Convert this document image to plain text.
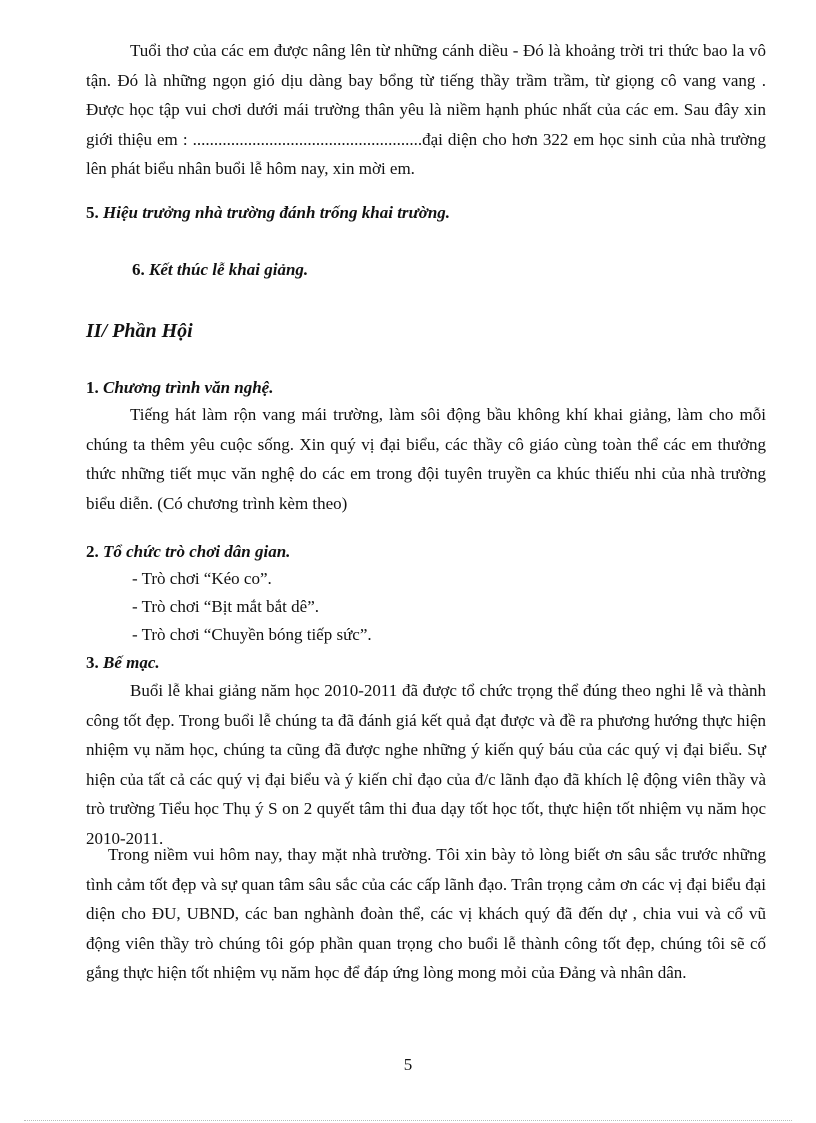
Tuổi thơ của các em được nâng lên từ những cánh diều - Đó là khoảng trời tri thức bao la vô tận. Đó là những ngọn gió dịu dàng bay bổng từ tiếng thầy trầm trầm, từ giọng cô vang vang . Được học tập vui chơi dưới mái trường thân yêu là niềm hạnh phúc nhất của các em. Sau đây xin giới thiệu em : ......................................................đại diện cho hơn 322 em học sinh của nhà trường lên phát biểu nhân buổi lễ hôm nay, xin mời em.

5. Hiệu trưởng nhà trường đánh trống khai trường.

6. Kết thúc lễ khai giảng.

II/ Phần Hội

1. Chương trình văn nghệ.

Tiếng hát làm rộn vang mái trường, làm sôi động bầu không khí khai giảng, làm cho mỗi chúng ta thêm yêu cuộc sống. Xin quý vị đại biểu, các thầy cô giáo cùng toàn thể các em thưởng thức những tiết mục văn nghệ do các em trong đội tuyên truyền ca khúc thiếu nhi của nhà trường biểu diễn. (Có chương trình kèm theo)

2. Tổ chức trò chơi dân gian.

- Trò chơi “Kéo co”.

- Trò chơi “Bịt mắt bắt dê”.

- Trò chơi “Chuyền bóng tiếp sức”.

3. Bế mạc.

Buổi lễ khai giảng năm học 2010-2011 đã được tổ chức trọng thể đúng theo nghi lễ và thành công tốt đẹp. Trong buổi lễ chúng ta đã đánh giá kết quả đạt được và đề ra phương hướng thực hiện nhiệm vụ năm học, chúng ta cũng đã được nghe những ý kiến quý báu của các quý vị đại biểu. Sự hiện của tất cả các quý vị đại biểu và ý kiến chỉ đạo của đ/c lãnh đạo đã khích lệ động viên thầy và trò trường Tiểu học Thụ ý S on 2 quyết tâm thi đua dạy tốt học tốt, thực hiện tốt nhiệm vụ năm học 2010-2011.

Trong niềm vui hôm nay, thay mặt nhà trường. Tôi xin bày tỏ lòng biết ơn sâu sắc trước những tình cảm tốt đẹp và sự quan tâm sâu sắc của các cấp lãnh đạo. Trân trọng cảm ơn các vị đại biểu đại diện cho ĐU, UBND, các ban nghành đoàn thể, các vị khách quý đã đến dự , chia vui và cổ vũ động viên thầy trò chúng tôi góp phần quan trọng cho buổi lễ thành công tốt đẹp, chúng tôi sẽ cố gắng thực hiện tốt nhiệm vụ năm học để đáp ứng lòng mong mỏi của Đảng và nhân dân.

5
